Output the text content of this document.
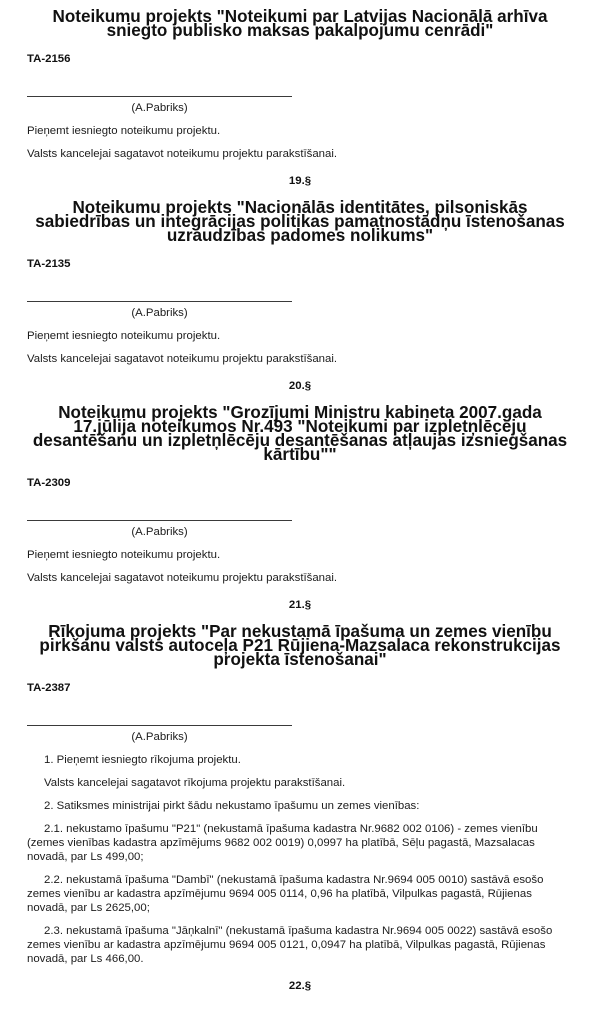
Noteikumu projekts "Noteikumi par Latvijas Nacionālā arhīva sniegto publisko maksas pakalpojumu cenrādi"
TA-2156
(A.Pabriks)

Pieņemt iesniegto noteikumu projektu.

Valsts kancelejai sagatavot noteikumu projektu parakstīšanai.

19.§
Noteikumu projekts "Nacionālās identitātes, pilsoniskās sabiedrības un integrācijas politikas pamatnostādņu īstenošanas uzraudzības padomes nolikums"
TA-2135
(A.Pabriks)

Pieņemt iesniegto noteikumu projektu.

Valsts kancelejai sagatavot noteikumu projektu parakstīšanai.

20.§
Noteikumu projekts "Grozījumi Ministru kabineta 2007.gada 17.jūlija noteikumos Nr.493 "Noteikumi par izpletņlēcēju desantēšanu un izpletņlēcēju desantēšanas atļaujas izsniegšanas kārtību""
TA-2309
(A.Pabriks)

Pieņemt iesniegto noteikumu projektu.

Valsts kancelejai sagatavot noteikumu projektu parakstīšanai.

21.§
Rīkojuma projekts "Par nekustamā īpašuma un zemes vienību pirkšanu valsts autoceļa P21 Rūjiena-Mazsalaca rekonstrukcijas projekta īstenošanai"
TA-2387
(A.Pabriks)

1. Pieņemt iesniegto rīkojuma projektu.

Valsts kancelejai sagatavot rīkojuma projektu parakstīšanai.

2. Satiksmes ministrijai pirkt šādu nekustamo īpašumu un zemes vienības:

2.1. nekustamo īpašumu "P21" (nekustamā īpašuma kadastra Nr.9682 002 0106) - zemes vienību (zemes vienības kadastra apzīmējums 9682 002 0019) 0,0997 ha platībā, Sēļu pagastā, Mazsalacas novadā, par Ls 499,00;

2.2. nekustamā īpašuma "Dambī" (nekustamā īpašuma kadastra Nr.9694 005 0010) sastāvā esošo zemes vienību ar kadastra apzīmējumu 9694 005 0114, 0,96 ha platībā, Vilpulkas pagastā, Rūjienas novadā, par Ls 2625,00;

2.3. nekustamā īpašuma "Jāņkalnī" (nekustamā īpašuma kadastra Nr.9694 005 0022) sastāvā esošo zemes vienību ar kadastra apzīmējumu 9694 005 0121, 0,0947 ha platībā, Vilpulkas pagastā, Rūjienas novadā, par Ls 466,00.

22.§
